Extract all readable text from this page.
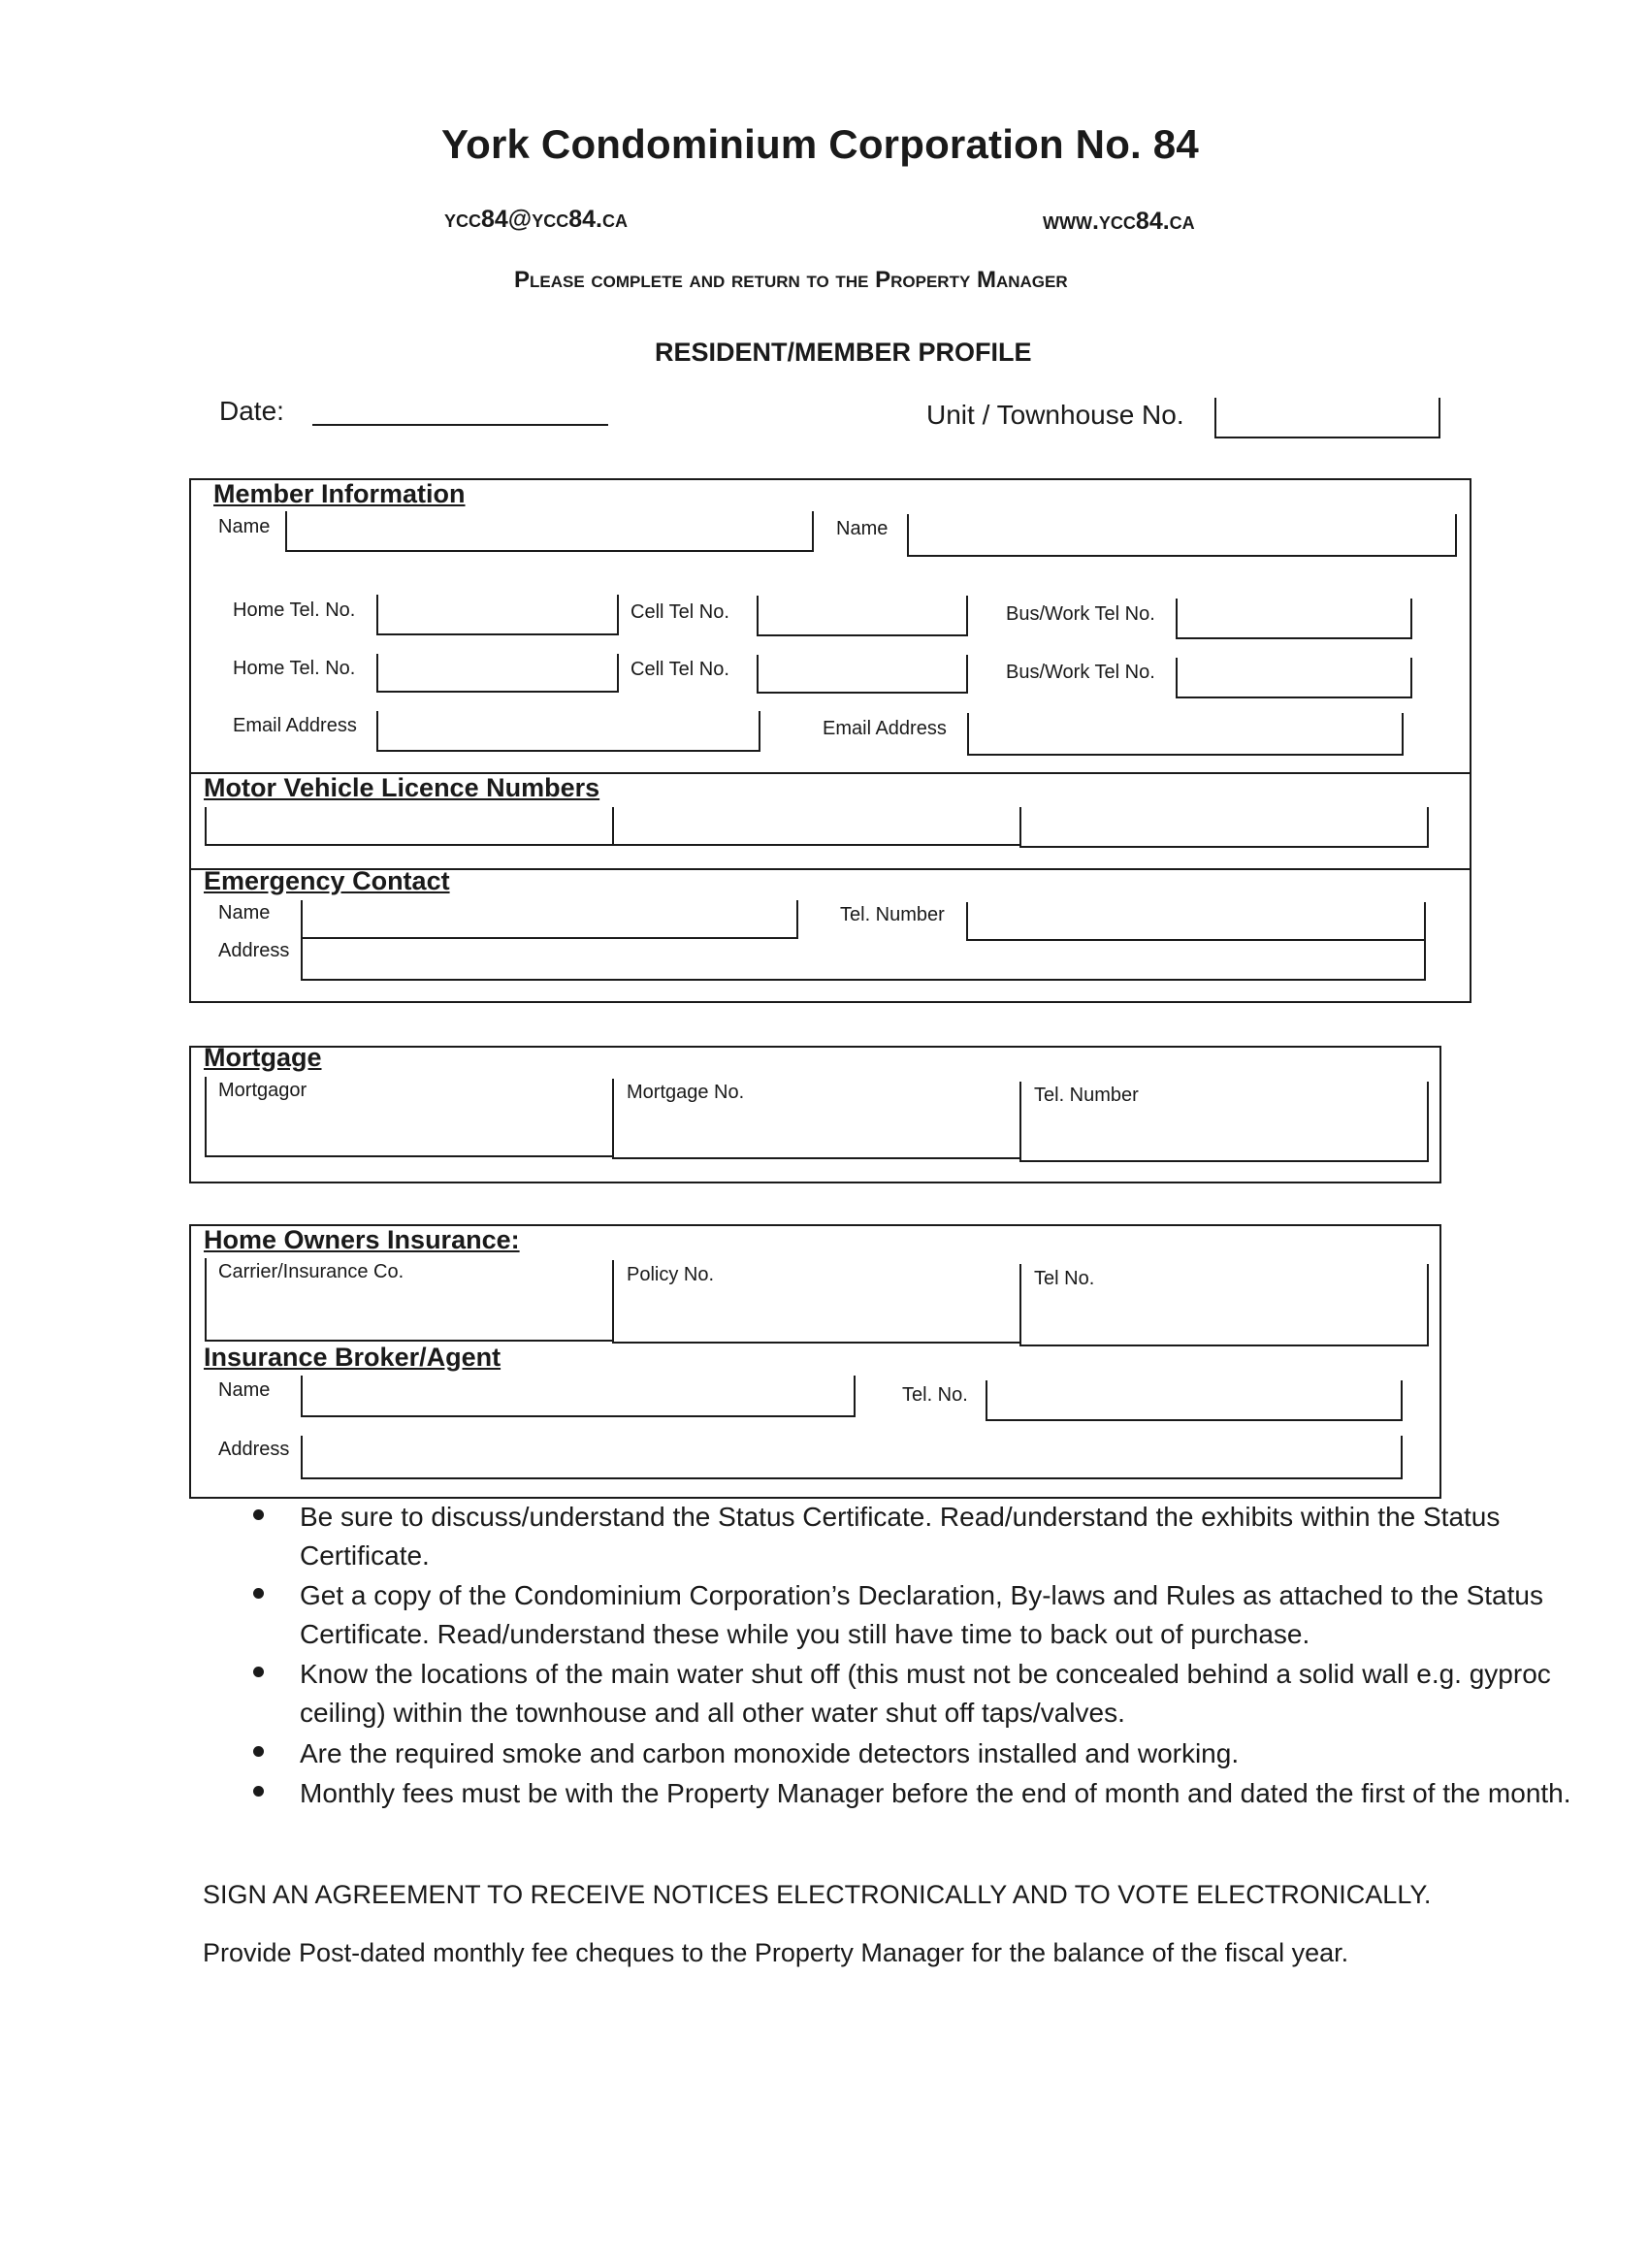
York Condominium Corporation No. 84
ycc84@ycc84.ca	www.ycc84.ca
Please complete and return to the Property Manager
RESIDENT/MEMBER PROFILE
Date:	Unit / Townhouse No.
Member Information
Name	Name
Home Tel. No.	Cell Tel No.	Bus/Work Tel No.
Home Tel. No.	Cell Tel No.	Bus/Work Tel No.
Email Address	Email Address
Motor Vehicle Licence Numbers
Emergency Contact
Name	Tel. Number
Address
Mortgage
Mortgagor	Mortgage No.	Tel. Number
Home Owners Insurance:
Carrier/Insurance Co.	Policy No.	Tel No.
Insurance Broker/Agent
Name	Tel. No.
Address
Be sure to discuss/understand the Status Certificate. Read/understand the exhibits within the Status Certificate.
Get a copy of the Condominium Corporation’s Declaration, By-laws and Rules as attached to the Status Certificate. Read/understand these while you still have time to back out of purchase.
Know the locations of the main water shut off (this must not be concealed behind a solid wall e.g. gyproc ceiling) within the townhouse and all other water shut off taps/valves.
Are the required smoke and carbon monoxide detectors installed and working.
Monthly fees must be with the Property Manager before the end of month and dated the first of the month.
SIGN AN AGREEMENT TO RECEIVE NOTICES ELECTRONICALLY AND TO VOTE ELECTRONICALLY.
Provide Post-dated monthly fee cheques to the Property Manager for the balance of the fiscal year.
